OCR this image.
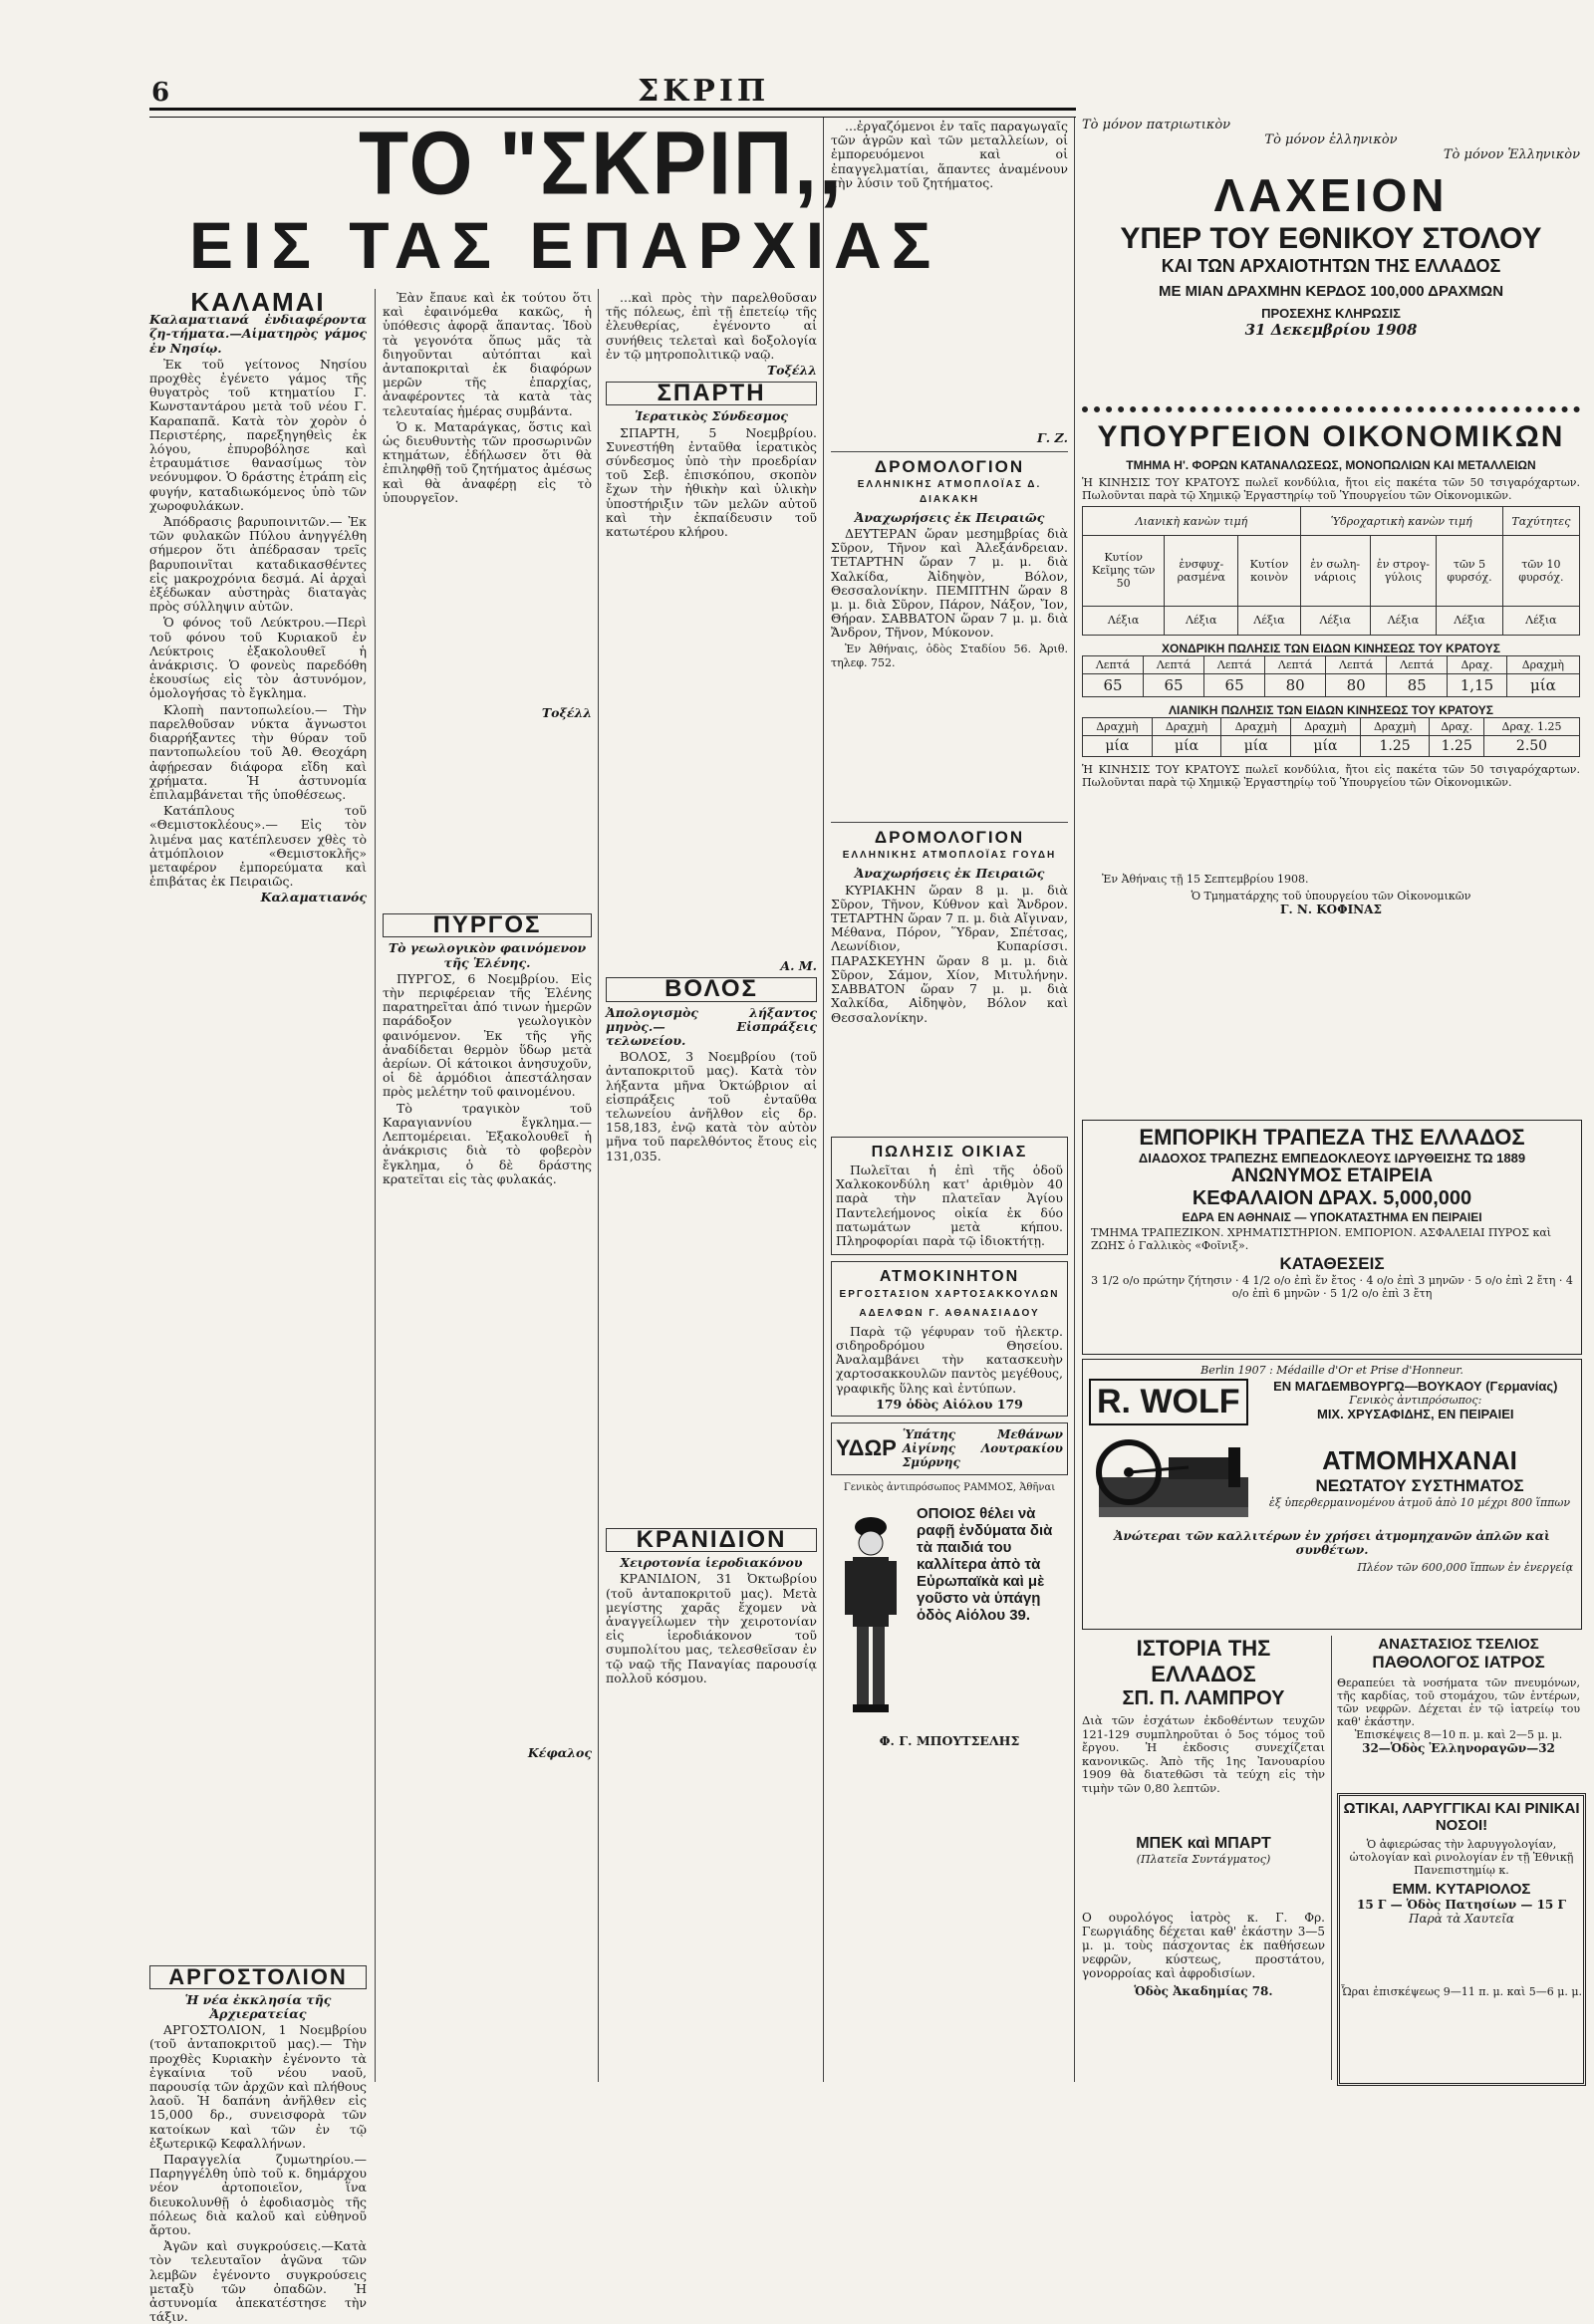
6	ΣΚΡΙΠ
ΤΟ "ΣΚΡΙΠ,,
ΕΙΣ ΤΑΣ ΕΠΑΡΧΙΑΣ
ΚΑΛΑΜΑΙ

Καλαματιανά ἐνδιαφέροντα ζη-τήματα.—Αἱματηρὸς γάμος ἐν Νησίῳ.

Ἐκ τοῦ γείτονος Νησίου προχθὲς ἐγένετο γάμος τῆς θυγατρὸς τοῦ κτηματίου Γ. Κωνσταντάρου μετὰ τοῦ νέου Γ. Καραπαπᾶ. Κατὰ τὸν χορὸν ὁ Περιστέρης, παρεξηγηθεὶς ἐκ λόγου, ἐπυροβόλησε καὶ ἐτραυμάτισε θανασίμως τὸν νεόνυμφον. Ὁ δράστης ἐτράπη εἰς φυγήν, καταδιωκόμενος ὑπὸ τῶν χωροφυλάκων.

Ἀπόδρασις βαρυποινιτῶν.— Ἐκ τῶν φυλακῶν Πύλου ἀνηγγέλθη σήμερον ὅτι ἀπέδρασαν τρεῖς βαρυποινῖται καταδικασθέντες εἰς μακροχρόνια δεσμά. Αἱ ἀρχαὶ ἐξέδωκαν αὐστηρὰς διαταγὰς πρὸς σύλληψιν αὐτῶν.

Ὁ φόνος τοῦ Λεύκτρου.—Περὶ τοῦ φόνου τοῦ Κυριακοῦ ἐν Λεύκτροις ἐξακολουθεῖ ἡ ἀνάκρισις. Ὁ φονεὺς παρεδόθη ἑκουσίως εἰς τὸν ἀστυνόμον, ὁμολογήσας τὸ ἔγκλημα.

Κλοπὴ παντοπωλείου.— Τὴν παρελθοῦσαν νύκτα ἄγνωστοι διαρρήξαντες τὴν θύραν τοῦ παντοπωλείου τοῦ Ἀθ. Θεοχάρη ἀφῄρεσαν διάφορα εἴδη καὶ χρήματα. Ἡ ἀστυνομία ἐπιλαμβάνεται τῆς ὑποθέσεως.

Κατάπλους τοῦ «Θεμιστοκλέους».— Εἰς τὸν λιμένα μας κατέπλευσεν χθὲς τὸ ἀτμόπλοιον «Θεμιστοκλῆς» μεταφέρον ἐμπορεύματα καὶ ἐπιβάτας ἐκ Πειραιῶς.

Καλαματιανός
ΑΡΓΟΣΤΟΛΙΟΝ

Ἡ νέα ἐκκλησία τῆς Ἀρχιερατείας

ΑΡΓΟΣΤΟΛΙΟΝ, 1 Νοεμβρίου (τοῦ ἀνταποκριτοῦ μας).— Τὴν προχθὲς Κυριακὴν ἐγένοντο τὰ ἐγκαίνια τοῦ νέου ναοῦ, παρουσίᾳ τῶν ἀρχῶν καὶ πλήθους λαοῦ. Ἡ δαπάνη ἀνῆλθεν εἰς 15,000 δρ., συνεισφορὰ τῶν κατοίκων καὶ τῶν ἐν τῷ ἐξωτερικῷ Κεφαλλήνων.

Παραγγελία ζυμωτηρίου.— Παρηγγέλθη ὑπὸ τοῦ κ. δημάρχου νέον ἀρτοποιεῖον, ἵνα διευκολυνθῇ ὁ ἐφοδιασμὸς τῆς πόλεως διὰ καλοῦ καὶ εὐθηνοῦ ἄρτου.

Ἀγῶν καὶ συγκρούσεις.—Κατὰ τὸν τελευταῖον ἀγῶνα τῶν λεμβῶν ἐγένοντο συγκρούσεις μεταξὺ τῶν ὀπαδῶν. Ἡ ἀστυνομία ἀπεκατέστησε τὴν τάξιν.

Ἐὰν ἔπαυε καὶ ἐκ τούτου ὅτι καὶ ἐφαινόμεθα κακῶς, ἡ ὑπόθεσις ἀφορᾷ ἅπαντας. Ἰδοὺ τὰ γεγονότα ὅπως μᾶς τὰ διηγοῦνται αὐτόπται καὶ ἀνταποκριταὶ ἐκ διαφόρων μερῶν τῆς ἐπαρχίας, ἀναφέροντες τὰ κατὰ τὰς τελευταίας ἡμέρας συμβάντα.

Ὁ κ. Ματαράγκας, ὅστις καὶ ὡς διευθυντὴς τῶν προσωρινῶν κτημάτων, ἐδήλωσεν ὅτι θὰ ἐπιληφθῇ τοῦ ζητήματος ἀμέσως καὶ θὰ ἀναφέρῃ εἰς τὸ ὑπουργεῖον.

Τοξέλλ
ΠΥΡΓΟΣ

Τὸ γεωλογικὸν φαινόμενον τῆς Ἑλένης.

ΠΥΡΓΟΣ, 6 Νοεμβρίου. Εἰς τὴν περιφέρειαν τῆς Ἑλένης παρατηρεῖται ἀπό τινων ἡμερῶν παράδοξον γεωλογικὸν φαινόμενον. Ἐκ τῆς γῆς ἀναδίδεται θερμὸν ὕδωρ μετὰ ἀερίων. Οἱ κάτοικοι ἀνησυχοῦν, οἱ δὲ ἁρμόδιοι ἀπεστάλησαν πρὸς μελέτην τοῦ φαινομένου.

Τὸ τραγικὸν τοῦ Καραγιαννίου ἔγκλημα.— Λεπτομέρειαι. Ἐξακολουθεῖ ἡ ἀνάκρισις διὰ τὸ φοβερὸν ἔγκλημα, ὁ δὲ δράστης κρατεῖται εἰς τὰς φυλακάς.

Κέφαλος

...καὶ πρὸς τὴν παρελθοῦσαν τῆς πόλεως, ἐπὶ τῇ ἐπετείῳ τῆς ἐλευθερίας, ἐγένοντο αἱ συνήθεις τελεταὶ καὶ δοξολογία ἐν τῷ μητροπολιτικῷ ναῷ.

Τοξέλλ
ΣΠΑΡΤΗ

Ἱερατικὸς Σύνδεσμος

ΣΠΑΡΤΗ, 5 Νοεμβρίου. Συνεστήθη ἐνταῦθα ἱερατικὸς σύνδεσμος ὑπὸ τὴν προεδρίαν τοῦ Σεβ. ἐπισκόπου, σκοπὸν ἔχων τὴν ἠθικὴν καὶ ὑλικὴν ὑποστήριξιν τῶν μελῶν αὐτοῦ καὶ τὴν ἐκπαίδευσιν τοῦ κατωτέρου κλήρου.

Α. Μ.
ΒΟΛΟΣ

Ἀπολογισμὸς λήξαντος μηνὸς.— Εἰσπράξεις τελωνείου.

ΒΟΛΟΣ, 3 Νοεμβρίου (τοῦ ἀνταποκριτοῦ μας). Κατὰ τὸν λήξαντα μῆνα Ὀκτώβριον αἱ εἰσπράξεις τοῦ ἐνταῦθα τελωνείου ἀνῆλθον εἰς δρ. 158,183, ἐνῷ κατὰ τὸν αὐτὸν μῆνα τοῦ παρελθόντος ἔτους εἰς 131,035.

ΚΡΑΝΙΔΙΟΝ

Χειροτονία ἱεροδιακόνου

ΚΡΑΝΙΔΙΟΝ, 31 Ὀκτωβρίου (τοῦ ἀνταποκριτοῦ μας). Μετὰ μεγίστης χαρᾶς ἔχομεν νὰ ἀναγγείλωμεν τὴν χειροτονίαν εἰς ἱεροδιάκονον τοῦ συμπολίτου μας, τελεσθεῖσαν ἐν τῷ ναῷ τῆς Παναγίας παρουσίᾳ πολλοῦ κόσμου.

...ἐργαζόμενοι ἐν ταῖς παραγωγαῖς τῶν ἀγρῶν καὶ τῶν μεταλλείων, οἱ ἐμπορευόμενοι καὶ οἱ ἐπαγγελματίαι, ἅπαντες ἀναμένουν τὴν λύσιν τοῦ ζητήματος.

Γ. Ζ.
ΔΡΟΜΟΛΟΓΙΟΝ
ΕΛΛΗΝΙΚΗΣ ΑΤΜΟΠΛΟΪΑΣ Δ. ΔΙΑΚΑΚΗ

Ἀναχωρήσεις ἐκ Πειραιῶς

ΔΕΥΤΕΡΑΝ ὥραν μεσημβρίας διὰ Σῦρον, Τῆνον καὶ Ἀλεξάνδρειαν. ΤΕΤΑΡΤΗΝ ὥραν 7 μ. μ. διὰ Χαλκίδα, Ἀἰδηψὸν, Βόλον, Θεσσαλονίκην. ΠΕΜΠΤΗΝ ὥραν 8 μ. μ. διὰ Σῦρον, Πάρον, Νάξον, Ἴον, Θήραν. ΣΑΒΒΑΤΟΝ ὥραν 7 μ. μ. διὰ Ἄνδρον, Τῆνον, Μύκονον.

Ἐν Ἀθήναις, ὁδὸς Σταδίου 56. Ἀριθ. τηλεφ. 752.

ΔΡΟΜΟΛΟΓΙΟΝ
ΕΛΛΗΝΙΚΗΣ ΑΤΜΟΠΛΟΪΑΣ ΓΟΥΔΗ

Ἀναχωρήσεις ἐκ Πειραιῶς

ΚΥΡΙΑΚΗΝ ὥραν 8 μ. μ. διὰ Σῦρον, Τῆνον, Κύθνον καὶ Ἄνδρον. ΤΕΤΑΡΤΗΝ ὥραν 7 π. μ. διὰ Αἴγιναν, Μέθανα, Πόρον, Ὕδραν, Σπέτσας, Λεωνίδιον, Κυπαρίσσι. ΠΑΡΑΣΚΕΥΗΝ ὥραν 8 μ. μ. διὰ Σῦρον, Σάμον, Χίον, Μιτυλήνην. ΣΑΒΒΑΤΟΝ ὥραν 7 μ. μ. διὰ Χαλκίδα, Αἰδηψὸν, Βόλον καὶ Θεσσαλονίκην.

ΠΩΛΗΣΙΣ ΟΙΚΙΑΣ

Πωλεῖται ἡ ἐπὶ τῆς ὁδοῦ Χαλκοκονδύλη κατ' ἀριθμὸν 40 παρὰ τὴν πλατεῖαν Ἀγίου Παντελεήμονος οἰκία ἐκ δύο πατωμάτων μετὰ κήπου. Πληροφορίαι παρὰ τῷ ἰδιοκτήτῃ.

ΑΤΜΟΚΙΝΗΤΟΝ
ΕΡΓΟΣΤΑΣΙΟΝ ΧΑΡΤΟΣΑΚΚΟΥΛΩΝ
ΑΔΕΛΦΩΝ Γ. ΑΘΑΝΑΣΙΑΔΟΥ

Παρὰ τῷ γέφυραν τοῦ ἠλεκτρ. σιδηροδρόμου Θησείου. Ἀναλαμβάνει τὴν κατασκευὴν χαρτοσακκουλῶν παντὸς μεγέθους, γραφικῆς ὕλης καὶ ἐντύπων.

179 ὁδὸς Αἰόλου 179
ΥΔΩΡ
Ὑπάτης Μεθάνων Αἰγίνης Λουτρακίου Σμύρνης

Γενικὸς ἀντιπρόσωπος ΡΑΜΜΟΣ, Ἀθῆναι

ΟΠΟΙΟΣ θέλει νὰ ραφῇ ἐνδύματα διὰ τὰ παιδιά του καλλίτερα ἀπὸ τὰ Εὐρωπαϊκὰ καὶ μὲ γοῦστο νὰ ὑπάγῃ ὁδὸς Αἰόλου 39.
Φ. Γ. ΜΠΟΥΤΣΕΛΗΣ
Τὸ μόνον πατριωτικὸν
Τὸ μόνον ἑλληνικὸν
Τὸ μόνον Ἑλληνικὸν
ΛΑΧΕΙΟΝ
ΥΠΕΡ ΤΟΥ ΕΘΝΙΚΟΥ ΣΤΟΛΟΥ
ΚΑΙ ΤΩΝ ΑΡΧΑΙΟΤΗΤΩΝ ΤΗΣ ΕΛΛΑΔΟΣ
ΜΕ ΜΙΑΝ ΔΡΑΧΜΗΝ ΚΕΡΔΟΣ 100,000 ΔΡΑΧΜΩΝ
ΠΡΟΣΕΧΗΣ ΚΛΗΡΩΣΙΣ
31 Δεκεμβρίου 1908
ΥΠΟΥΡΓΕΙΟΝ ΟΙΚΟΝΟΜΙΚΩΝ
ΤΜΗΜΑ Η'. ΦΟΡΩΝ ΚΑΤΑΝΑΛΩΣΕΩΣ, ΜΟΝΟΠΩΛΙΩΝ ΚΑΙ ΜΕΤΑΛΛΕΙΩΝ
Ἡ ΚΙΝΗΣΙΣ ΤΟΥ ΚΡΑΤΟΥΣ πωλεῖ κονδύλια, ἤτοι εἰς πακέτα τῶν 50 τσιγαρόχαρτων. Πωλοῦνται παρὰ τῷ Χημικῷ Ἐργαστηρίῳ τοῦ Ὑπουργείου τῶν Οἰκονομικῶν.
Λιανικὴ κανὼν τιμή			Ὑδροχαρτικὴ κανὼν τιμή			Ταχύτητες
Κυτίον Κεῖμης τῶν 50	ἐνσφυχ-ρασμένα	Κυτίον κοινὸν	ἐν σωλη-νάριοις	ἐν στρογ-γύλοις	τῶν 5 φυρσόχ.	τῶν 10 φυρσόχ.
Λέξια	Λέξια	Λέξια	Λέξια	Λέξια	Λέξια	Λέξια
ΧΟΝΔΡΙΚΗ ΠΩΛΗΣΙΣ ΤΩΝ ΕΙΔΩΝ ΚΙΝΗΣΕΩΣ ΤΟΥ ΚΡΑΤΟΥΣ
Λεπτά	Λεπτά	Λεπτά	Λεπτά	Λεπτά	Λεπτά	Δραχ.	Δραχμὴ
65	65	65	80	80	85	1,15	μία
ΛΙΑΝΙΚΗ ΠΩΛΗΣΙΣ ΤΩΝ ΕΙΔΩΝ ΚΙΝΗΣΕΩΣ ΤΟΥ ΚΡΑΤΟΥΣ
Δραχμὴ	Δραχμὴ	Δραχμὴ	Δραχμὴ	Δραχμὴ	Δραχ.	Δραχ. 1.25
μία	μία	μία	μία	1.25	1.25	2.50
Ἡ ΚΙΝΗΣΙΣ ΤΟΥ ΚΡΑΤΟΥΣ πωλεῖ κονδύλια, ἤτοι εἰς πακέτα τῶν 50 τσιγαρόχαρτων. Πωλοῦνται παρὰ τῷ Χημικῷ Ἐργαστηρίῳ τοῦ Ὑπουργείου τῶν Οἰκονομικῶν.
Ἐν Ἀθήναις τῇ 15 Σεπτεμβρίου 1908.
Ὁ Τμηματάρχης τοῦ ὑπουργείου τῶν Οἰκονομικῶν
Γ. Ν. ΚΟΦΙΝΑΣ
ΕΜΠΟΡΙΚΗ ΤΡΑΠΕΖΑ ΤΗΣ ΕΛΛΑΔΟΣ
ΔΙΑΔΟΧΟΣ ΤΡΑΠΕΖΗΣ ΕΜΠΕΔΟΚΛΕΟΥΣ ΙΔΡΥΘΕΙΣΗΣ ΤΩ 1889
ΑΝΩΝΥΜΟΣ ΕΤΑΙΡΕΙΑ
ΚΕΦΑΛΑΙΟΝ ΔΡΑΧ. 5,000,000
ΕΔΡΑ ΕΝ ΑΘΗΝΑΙΣ — ΥΠΟΚΑΤΑΣΤΗΜΑ ΕΝ ΠΕΙΡΑΙΕΙ
ΤΜΗΜΑ ΤΡΑΠΕΖΙΚΟΝ. ΧΡΗΜΑΤΙΣΤΗΡΙΟΝ. ΕΜΠΟΡΙΟΝ. ΑΣΦΑΛΕΙΑΙ ΠΥΡΟΣ καὶ ΖΩΗΣ ὁ Γαλλικὸς «Φοῖνιξ».
ΚΑΤΑΘΕΣΕΙΣ
3 1/2 ο/ο πρώτην ζήτησιν · 4 1/2 ο/ο ἐπὶ ἕν ἔτος · 4 ο/ο ἐπὶ 3 μηνῶν · 5 ο/ο ἐπὶ 2 ἔτη · 4 ο/ο ἐπὶ 6 μηνῶν · 5 1/2 ο/ο ἐπὶ 3 ἔτη
Berlin 1907 : Médaille d'Or et Prise d'Honneur.
R. WOLF	ΕΝ ΜΑΓΔΕΜΒΟΥΡΓῼ—ΒΟΥΚΑΟΥ (Γερμανίας)
Γενικὸς ἀντιπρόσωπος:
ΜΙΧ. ΧΡΥΣΑΦΙΔΗΣ, ΕΝ ΠΕΙΡΑΙΕΙ
ΑΤΜΟΜΗΧΑΝΑΙ
ΝΕΩΤΑΤΟΥ ΣΥΣΤΗΜΑΤΟΣ
ἐξ ὑπερθερμαινομένου ἀτμοῦ ἀπὸ 10 μέχρι 800 ἵππων
Ἀνώτεραι τῶν καλλιτέρων ἐν χρήσει ἀτμομηχανῶν ἀπλῶν καὶ συνθέτων.
Πλέον τῶν 600,000 ἵππων ἐν ἐνεργείᾳ
ΙΣΤΟΡΙΑ ΤΗΣ ΕΛΛΑΔΟΣ
ΣΠ. Π. ΛΑΜΠΡΟΥ
Διὰ τῶν ἐσχάτων ἐκδοθέντων τευχῶν 121-129 συμπληροῦται ὁ 5ος τόμος τοῦ ἔργου. Ἡ ἐκδοσις συνεχίζεται κανονικῶς. Ἀπὸ τῆς 1ης Ἰανουαρίου 1909 θὰ διατεθῶσι τὰ τεύχη εἰς τὴν τιμὴν τῶν 0,80 λεπτῶν.
ΜΠΕΚ καὶ ΜΠΑΡΤ
(Πλατεῖα Συντάγματος)
Ο ουρολόγος ἰατρὸς κ. Γ. Φρ. Γεωργιάδης δέχεται καθ' ἑκάστην 3—5 μ. μ. τοὺς πάσχοντας ἐκ παθήσεων νεφρῶν, κύστεως, προστάτου, γονορροίας καὶ ἀφροδισίων.
Ὁδὸς Ἀκαδημίας 78.
ΑΝΑΣΤΑΣΙΟΣ ΤΣΕΛΙΟΣ
ΠΑΘΟΛΟΓΟΣ ΙΑΤΡΟΣ
Θεραπεύει τὰ νοσήματα τῶν πνευμόνων, τῆς καρδίας, τοῦ στομάχου, τῶν ἐντέρων, τῶν νεφρῶν. Δέχεται ἐν τῷ ἰατρείῳ του καθ' ἑκάστην.
Ἐπισκέψεις 8—10 π. μ. καὶ 2—5 μ. μ.
32—Ὁδὸς Ἑλληνοραγῶν—32
ΩΤΙΚΑΙ, ΛΑΡΥΓΓΙΚΑΙ ΚΑΙ ΡΙΝΙΚΑΙ ΝΟΣΟΙ!
Ὁ ἀφιερώσας τὴν λαρυγγολογίαν, ὠτολογίαν καὶ ρινολογίαν ἐν τῇ Ἐθνικῇ Πανεπιστημίῳ κ.
ΕΜΜ. ΚΥΤΑΡΙΟΛΟΣ
15 Γ — Ὁδὸς Πατησίων — 15 Γ
Παρὰ τὰ Χαυτεῖα
Ὧραι ἐπισκέψεως 9—11 π. μ. καὶ 5—6 μ. μ.
